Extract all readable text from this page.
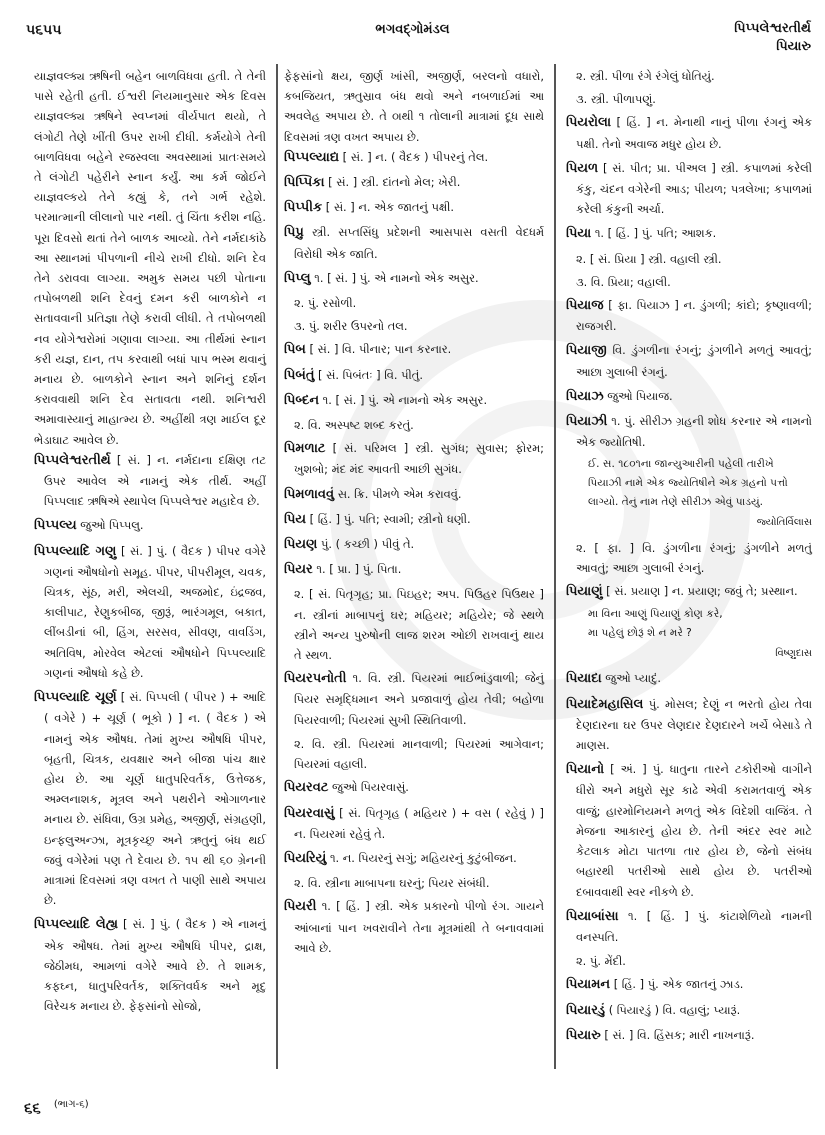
૫૬૫૫	ભગવદ્ગોમંડલ	પિપ્પલેશ્વરતીર્થ
પિયારુ

યાજ્ઞવલ્ક્ય ઋષિની બહેન બાળવિધવા હતી. તે તેની પાસે રહેતી હતી. ઈશ્વરી નિયમાનુસાર એક દિવસ યાજ્ઞવલ્ક્ય ઋષિને સ્વપ્નમાં વીર્યપાત થયો, તે લંગોટી તેણે ખીંતી ઉપર રાખી દીધી. કર્મયોગે તેની બાળવિધવા બહેને રજસ્વલા અવસ્થામાં પ્રાતઃસમયે તે લંગોટી પહેરીને સ્નાન કર્યું. આ કર્મ જોઈને યાજ્ઞવલ્કયે તેને કહ્યું કે, તને ગર્ભ રહેશે. પરમાત્માની લીલાનો પાર નથી. તું ચિંતા કરીશ નહિ. પૂરા દિવસો થતાં તેને બાળક આવ્યો. તેને નર્મદાકાંઠે આ સ્થાનમાં પીપળાની નીચે રાખી દીધો. શનિ દેવ તેને ડરાવવા લાગ્યા. અમુક સમય પછી પોતાના તપોબળથી શનિ દેવનું દમન કરી બાળકોને ન સતાવવાની પ્રતિજ્ઞા તેણે કરાવી લીધી. તે તપોબળથી નવ યોગેશ્વરોમાં ગણાવા લાગ્યા. આ તીર્થમાં સ્નાન કરી યજ્ઞ, દાન, તપ કરવાથી બધાં પાપ ભસ્મ થવાનું મનાય છે. બાળકોને સ્નાન અને શનિનું દર્શન કરાવવાથી શનિ દેવ સતાવતા નથી. શનિશ્વરી અમાવાસ્યાનું માહાત્મ્ય છે. અહીંથી ત્રણ માઈલ દૂર ભેડાઘાટ આવેલ છે.

પિપ્પલેશ્વરતીર્થ [ સં. ] ન. નર્મદાના દક્ષિણ તટ ઉપર આવેલ એ નામનું એક તીર્થ. અહીં પિપ્પલાદ ઋષિએ સ્થાપેલ પિપ્પલેશ્વર મહાદેવ છે.

પિપ્પલ્ય જુઓ પિપ્પલુ.

પિપ્પલ્યાદિ ગણુ [ સં. ] પું. ( વૈદક ) પીપર વગેરે ગણનાં ઔષધોનો સમૂહ. પીપર, પીપરીમૂલ, ચવક, ચિત્રક, સૂંઠ, મરી, એલચી, અજમોદ, ઇંદ્રજવ, કાલીપાટ, રેણુકબીજ, જીરૂં, ભારંગમૂલ, બકાત, લીંબડીનાં બી, હિંગ, સરસવ, સીવણ, વાવડિંગ, અતિવિષ, મોરવેલ એટલાં ઔષધોને પિપ્પલ્યાદિ ગણનાં ઔષધો કહે છે.

પિપ્પલ્યાદિ ચૂર્ણ [ સં. પિપ્પલી ( પીપર ) + આદિ ( વગેરે ) + ચૂર્ણ ( ભૂકો ) ] ન. ( વૈદક ) એ નામનું એક ઔષધ. તેમાં મુખ્ય ઔષધિ પીપર, બૃહતી, ચિત્રક, યવક્ષાર અને બીજા પાંચ ક્ષાર હોય છે. આ ચૂર્ણ ધાતુપરિવર્તક, ઉત્તેજક, અમ્લનાશક, મૂત્રલ અને પથરીને ઓગાળનાર મનાય છે. સંધિવા, ઉગ્ર પ્રમેહ, અજીર્ણ, સંગ્રહણી, ઇન્ફલુઅન્ઝા, મૂત્રકૃચ્છ્ર અને ઋતુનું બંધ થઈ જવું વગેરેમાં પણ તે દેવાય છે. ૧૫ થી ૬૦ ગ્રેનની માત્રામાં દિવસમાં ત્રણ વખત તે પાણી સાથે અપાય છે.

પિપ્પલ્યાદિ લેહ્ય [ સં. ] પું. ( વૈદક ) એ નામનું એક ઔષધ. તેમાં મુખ્ય ઔષધિ પીપર, દ્રાક્ષ, જેઠીમધ, આમળાં વગેરે આવે છે. તે શામક, કફઘ્ન, ધાતુપરિવર્તક, શક્તિવર્ધક અને મૃદુ વિરેચક મનાય છે. ફેફસાંનો સોજો,

ફેફસાંનો ક્ષય, જીર્ણ ખાંસી, અજીર્ણ, બરલનો વધારો, કબજિયત, ઋતુસ્રાવ બંધ થવો અને નબળાઈમાં આ અવલેહ અપાય છે. તે ૦ાથી ૧ તોલાની માત્રામાં દૂધ સાથે દિવસમાં ત્રણ વખત અપાય છે.

પિપ્પલ્યાદ્ય [ સં. ] ન. ( વૈદક ) પીપરનું તેલ.

પિપ્પિકા [ સં. ] સ્ત્રી. દાંતનો મેલ; ખેરી.

પિપ્પીક [ સં. ] ન. એક જાતનું પક્ષી.

પિપ્રુ સ્ત્રી. સપ્તસિંધુ પ્રદેશની આસપાસ વસતી વેદધર્મ વિરોધી એક જાતિ.

પિપ્લુ ૧. [ સં. ] પું. એ નામનો એક અસુર.

૨. પું. રસોળી.

૩. પું. શરીર ઉપરનો તલ.

પિબ [ સં. ] વિ. પીનાર; પાન કરનાર.

પિબંતું [ સં. પિબંતઃ ] વિ. પીતું.

પિબ્દન ૧. [ સં. ] પું. એ નામનો એક અસુર.

૨. વિ. અસ્પષ્ટ શબ્દ કરતું.

પિમળાટ [ સં. પરિમલ ] સ્ત્રી. સુગંધ; સુવાસ; ફોરમ; ખુશબો; મંદ મંદ આવતી આછી સુગંધ.

પિમળાવવું સ. ક્રિ. પીમળે એમ કરાવવું.

પિય [ હિં. ] પું. પતિ; સ્વામી; સ્ત્રીનો ધણી.

પિયણ પું. ( કચ્છી ) પીવું તે.

પિયર ૧. [ પ્રા. ] પું. પિતા.

૨. [ સં. પિતૃગૃહ; પ્રા. પિઇહર; અપ. પિઉહર પિઉથર ] ન. સ્ત્રીનાં માબાપનું ઘર; મહિયર; મહિયેર; જે સ્થળે સ્ત્રીને અન્ય પુરુષોની લાજ શરમ ઓછી રાખવાનું થાય તે સ્થળ.

પિયરપનોતી ૧. વિ. સ્ત્રી. પિયરમાં ભાઈભાંડુવાળી; જેનું પિયર સમૃદ્ધિમાન અને પ્રજાવાળું હોય તેવી; બહોળા પિયરવાળી; પિયરમાં સુખી સ્થિતિવાળી.

૨. વિ. સ્ત્રી. પિયરમાં માનવાળી; પિયરમાં આગેવાન; પિયરમાં વહાલી.

પિયરવટ જુઓ પિયરવાસું.

પિયરવાસું [ સં. પિતૃગૃહ ( મહિયર ) + વસ ( રહેવું ) ] ન. પિયરમાં રહેવું તે.

પિયરિયું ૧. ન. પિયરનું સગું; મહિયરનું કુટુંબીજન.

૨. વિ. સ્ત્રીના માબાપના ઘરનું; પિયર સંબંધી.

પિયરી ૧. [ હિં. ] સ્ત્રી. એક પ્રકારનો પીળો રંગ. ગાયને આંબાનાં પાન ખવરાવીને તેના મૂત્રમાંથી તે બનાવવામાં આવે છે.

૨. સ્ત્રી. પીળા રંગે રંગેલું ધોતિયું.

૩. સ્ત્રી. પીળાપણું.

પિયરોલા [ હિં. ] ન. મેનાથી નાનું પીળા રંગનું એક પક્ષી. તેનો અવાજ મધુર હોય છે.

પિયળ [ સં. પીત; પ્રા. પીઅલ ] સ્ત્રી. કપાળમાં કરેલી કંકુ, ચંદન વગેરેની આડ; પીયળ; પત્રલેખા; કપાળમાં કરેલી કંકુની અર્ચા.

પિયા ૧. [ હિં. ] પું. પતિ; આશક.

૨. [ સં. પ્રિયા ] સ્ત્રી. વહાલી સ્ત્રી.

૩. વિ. પ્રિયા; વહાલી.

પિયાજ [ ફા. પિયાઝ ] ન. ડુંગળી; કાંદો; કૃષ્ણાવળી; રાજગરી.

પિયાજી વિ. ડુંગળીના રંગનું; ડુંગળીને મળતું આવતું; આછા ગુલાબી રંગનું.

પિયાઝ જુઓ પિયાજ.

પિયાઝી ૧. પું. સીરીઝ ગ્રહની શોધ કરનાર એ નામનો એક જ્યોતિષી.

ઈ. સ. ૧૮૦૧ના જાન્યુઆરીની પહેલી તારીખે
પિયાઝી નામે એક જ્યોતિષીને એક ગ્રહનો પત્તો
લાગ્યો. તેનું નામ તેણે સીરીઝ એવું પાડયું.
જ્યોતિર્વિલાસ

૨. [ ફા. ] વિ. ડુંગળીના રંગનું; ડુંગળીને મળતું આવતું; આછા ગુલાબી રંગનું.

પિયાણું [ સં. પ્રયાણ ] ન. પ્રયાણ; જવું તે; પ્રસ્થાન.

મા વિના આણું પિયાણું કોણ કરે,
મા પહેલું છોરૂં શે ન મરે ?
વિષ્ણુદાસ

પિયાદા જુઓ પ્યાદું.

પિયાદેમહાસિલ પું. મોસલ; દેણું ન ભરતો હોય તેવા દેણદારના ઘર ઉપર લેણદાર દેણદારને ખર્ચે બેસાડે તે માણસ.

પિયાનો [ અં. ] પું. ધાતુના તારને ટકોરીઓ વાગીને ધીરો અને મધુરો સૂર કાઢે એવી કરામતવાળું એક વાજું; હારમોનિયમને મળતું એક વિદેશી વાજિંત્ર. તે મેજના આકારનું હોય છે. તેની અંદર સ્વર માટે કેટલાક મોટા પાતળા તાર હોય છે, જેનો સંબંધ બહારથી પતરીઓ સાથે હોય છે. પતરીઓ દબાવવાથી સ્વર નીકળે છે.

પિયાબાંસા ૧. [ હિં. ] પું. કાંટાશેળિયો નામની વનસ્પતિ.

૨. પું. મેંદી.

પિયામન [ હિં. ] પું. એક જાતનું ઝાડ.

પિયારડું ( પિયારડું ) વિ. વહાલું; પ્યારૂં.

પિયારુ [ સં. ] વિ. હિંસક; મારી નાખનારૂં.

૬૬ $^{(ભાગ-૬)}$
